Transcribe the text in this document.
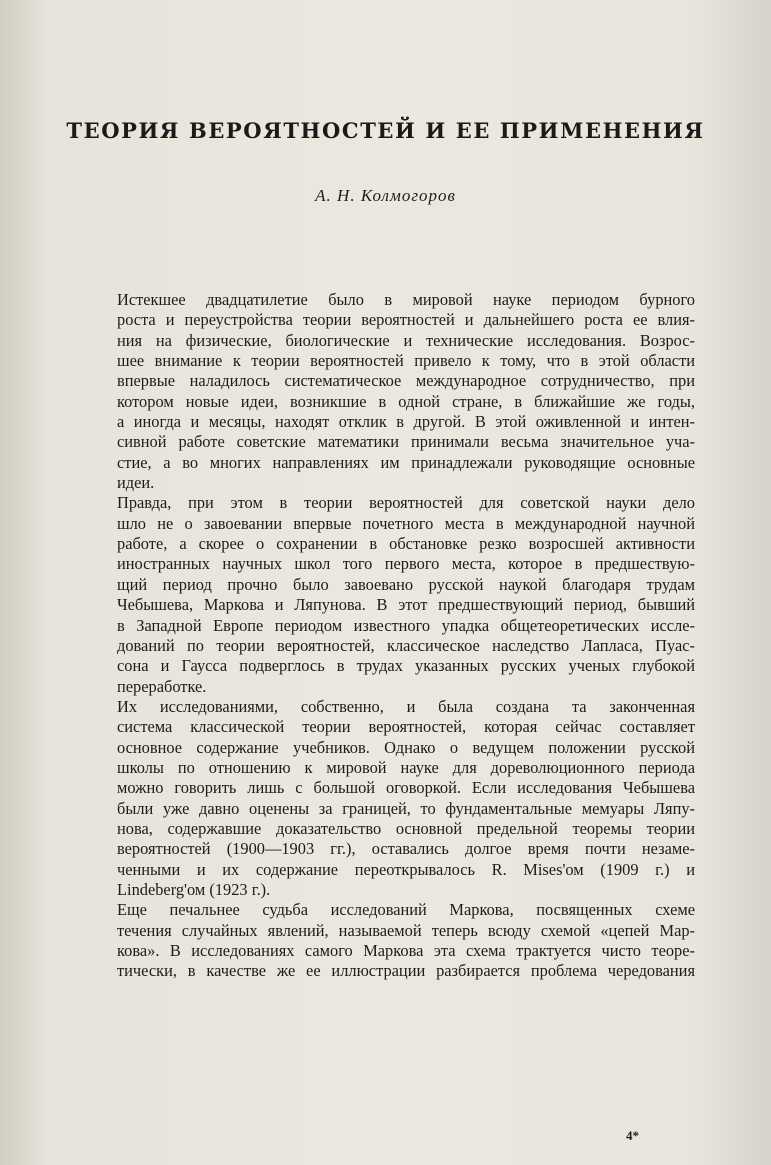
ТЕОРИЯ ВЕРОЯТНОСТЕЙ И ЕЕ ПРИМЕНЕНИЯ

А. Н. Колмогоров

Истекшее двадцатилетие было в мировой науке периодом бурного
роста и переустройства теории вероятностей и дальнейшего роста ее влия-
ния на физические, биологические и технические исследования. Возрос-
шее внимание к теории вероятностей привело к тому, что в этой области
впервые наладилось систематическое международное сотрудничество, при
котором новые идеи, возникшие в одной стране, в ближайшие же годы,
а иногда и месяцы, находят отклик в другой. В этой оживленной и интен-
сивной работе советские математики принимали весьма значительное уча-
стие, а во многих направлениях им принадлежали руководящие основные
идеи.
Правда, при этом в теории вероятностей для советской науки дело
шло не о завоевании впервые почетного места в международной научной
работе, а скорее о сохранении в обстановке резко возросшей активности
иностранных научных школ того первого места, которое в предшествую-
щий период прочно было завоевано русской наукой благодаря трудам
Чебышева, Маркова и Ляпунова. В этот предшествующий период, бывший
в Западной Европе периодом известного упадка общетеоретических иссле-
дований по теории вероятностей, классическое наследство Лапласа, Пуас-
сона и Гаусса подверглось в трудах указанных русских ученых глубокой
переработке.
Их исследованиями, собственно, и была создана та законченная
система классической теории вероятностей, которая сейчас составляет
основное содержание учебников. Однако о ведущем положении русской
школы по отношению к мировой науке для дореволюционного периода
можно говорить лишь с большой оговоркой. Если исследования Чебышева
были уже давно оценены за границей, то фундаментальные мемуары Ляпу-
нова, содержавшие доказательство основной предельной теоремы теории
вероятностей (1900—1903 гг.), оставались долгое время почти незаме-
ченными и их содержание переоткрывалось R. Mises'ом (1909 г.) и
Lindeberg'ом (1923 г.).
Еще печальнее судьба исследований Маркова, посвященных схеме
течения случайных явлений, называемой теперь всюду схемой «цепей Мар-
кова». В исследованиях самого Маркова эта схема трактуется чисто теоре-
тически, в качестве же ее иллюстрации разбирается проблема чередования
4*
